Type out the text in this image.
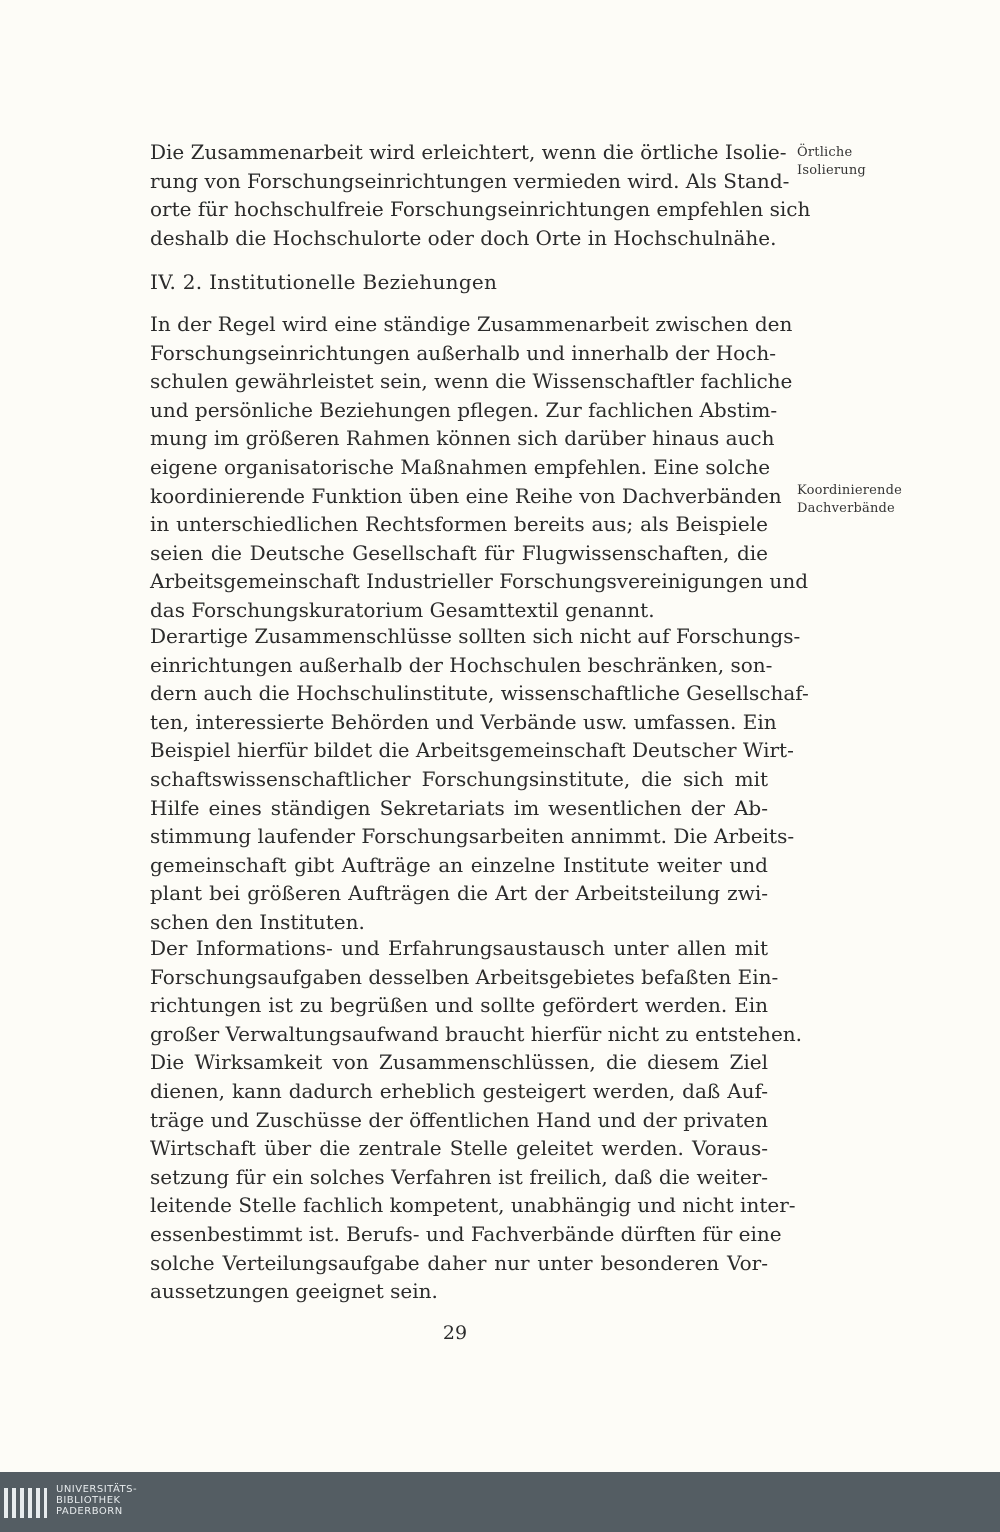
Die Zusammenarbeit wird erleichtert, wenn die örtliche Isolie-
rung von Forschungseinrichtungen vermieden wird. Als Stand-
orte für hochschulfreie Forschungseinrichtungen empfehlen sich
deshalb die Hochschulorte oder doch Orte in Hochschulnähe.
Örtliche
Isolierung
IV. 2. Institutionelle Beziehungen
In der Regel wird eine ständige Zusammenarbeit zwischen den
Forschungseinrichtungen außerhalb und innerhalb der Hoch-
schulen gewährleistet sein, wenn die Wissenschaftler fachliche
und persönliche Beziehungen pflegen. Zur fachlichen Abstim-
mung im größeren Rahmen können sich darüber hinaus auch
eigene organisatorische Maßnahmen empfehlen. Eine solche
koordinierende Funktion üben eine Reihe von Dachverbänden
in unterschiedlichen Rechtsformen bereits aus; als Beispiele
seien die Deutsche Gesellschaft für Flugwissenschaften, die
Arbeitsgemeinschaft Industrieller Forschungsvereinigungen und
das Forschungskuratorium Gesamttextil genannt.
Koordinierende
Dachverbände
Derartige Zusammenschlüsse sollten sich nicht auf Forschungs-
einrichtungen außerhalb der Hochschulen beschränken, son-
dern auch die Hochschulinstitute, wissenschaftliche Gesellschaf-
ten, interessierte Behörden und Verbände usw. umfassen. Ein
Beispiel hierfür bildet die Arbeitsgemeinschaft Deutscher Wirt-
schaftswissenschaftlicher Forschungsinstitute, die sich mit
Hilfe eines ständigen Sekretariats im wesentlichen der Ab-
stimmung laufender Forschungsarbeiten annimmt. Die Arbeits-
gemeinschaft gibt Aufträge an einzelne Institute weiter und
plant bei größeren Aufträgen die Art der Arbeitsteilung zwi-
schen den Instituten.
Der Informations- und Erfahrungsaustausch unter allen mit
Forschungsaufgaben desselben Arbeitsgebietes befaßten Ein-
richtungen ist zu begrüßen und sollte gefördert werden. Ein
großer Verwaltungsaufwand braucht hierfür nicht zu entstehen.
Die Wirksamkeit von Zusammenschlüssen, die diesem Ziel
dienen, kann dadurch erheblich gesteigert werden, daß Auf-
träge und Zuschüsse der öffentlichen Hand und der privaten
Wirtschaft über die zentrale Stelle geleitet werden. Voraus-
setzung für ein solches Verfahren ist freilich, daß die weiter-
leitende Stelle fachlich kompetent, unabhängig und nicht inter-
essenbestimmt ist. Berufs- und Fachverbände dürften für eine
solche Verteilungsaufgabe daher nur unter besonderen Vor-
aussetzungen geeignet sein.
29
UNIVERSITÄTS-
BIBLIOTHEK
PADERBORN
